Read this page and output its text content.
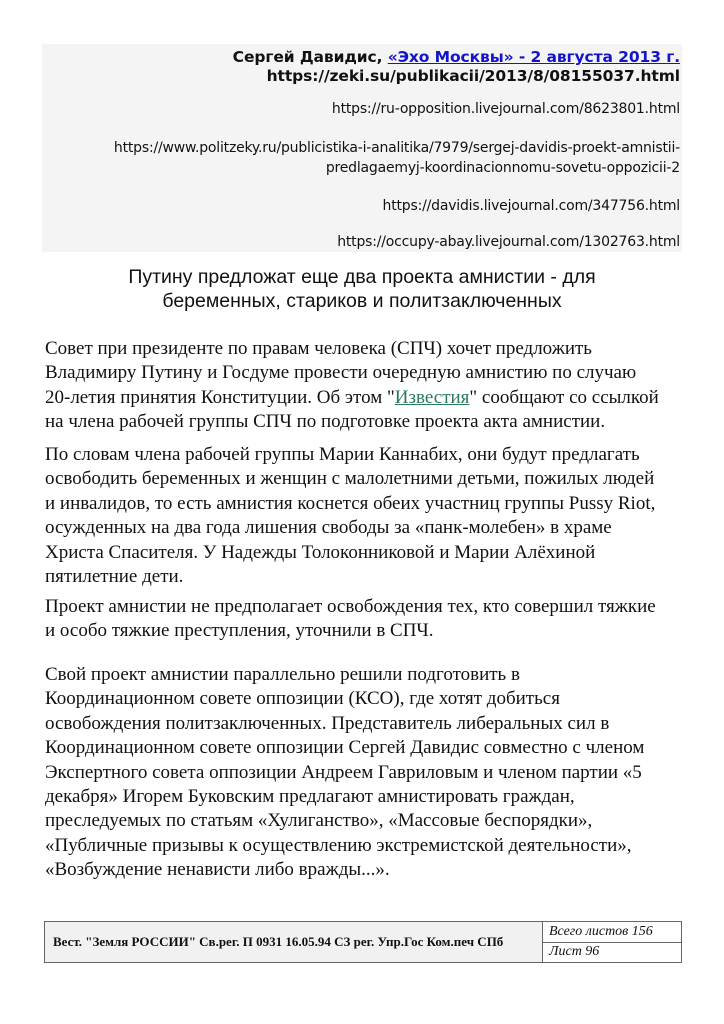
Сергей Давидис, «Эхо Москвы» - 2 августа 2013 г.
https://zeki.su/publikacii/2013/8/08155037.html
https://ru-opposition.livejournal.com/8623801.html
https://www.politzeky.ru/publicistika-i-analitika/7979/sergej-davidis-proekt-amnistii-
predlagaemyj-koordinacionnomu-sovetu-oppozicii-2
https://davidis.livejournal.com/347756.html
https://occupy-abay.livejournal.com/1302763.html
Путину предложат еще два проекта амнистии - для
беременных, стариков и политзаключенных
Совет при президенте по правам человека (СПЧ) хочет предложить
Владимиру Путину и Госдуме провести очередную амнистию по случаю
20-летия принятия Конституции. Об этом "Известия" сообщают со ссылкой
на члена рабочей группы СПЧ по подготовке проекта акта амнистии.
По словам члена рабочей группы Марии Каннабих, они будут предлагать
освободить беременных и женщин с малолетними детьми, пожилых людей
и инвалидов, то есть амнистия коснется обеих участниц группы Pussy Riot,
осужденных на два года лишения свободы за «панк-молебен» в храме
Христа Спасителя. У Надежды Толоконниковой и Марии Алёхиной
пятилетние дети.
Проект амнистии не предполагает освобождения тех, кто совершил тяжкие
и особо тяжкие преступления, уточнили в СПЧ.
Свой проект амнистии параллельно решили подготовить в
Координационном совете оппозиции (КСО), где хотят добиться
освобождения политзаключенных. Представитель либеральных сил в
Координационном совете оппозиции Сергей Давидис совместно с членом
Экспертного совета оппозиции Андреем Гавриловым и членом партии «5
декабря» Игорем Буковским предлагают амнистировать граждан,
преследуемых по статьям «Хулиганство», «Массовые беспорядки»,
«Публичные призывы к осуществлению экстремистской деятельности»,
«Возбуждение ненависти либо вражды...».
Вест. "Земля РОССИИ" Св.рег. П 0931 16.05.94 СЗ рег. Упр.Гос Ком.печ СПб
Всего листов 156
Лист 96
